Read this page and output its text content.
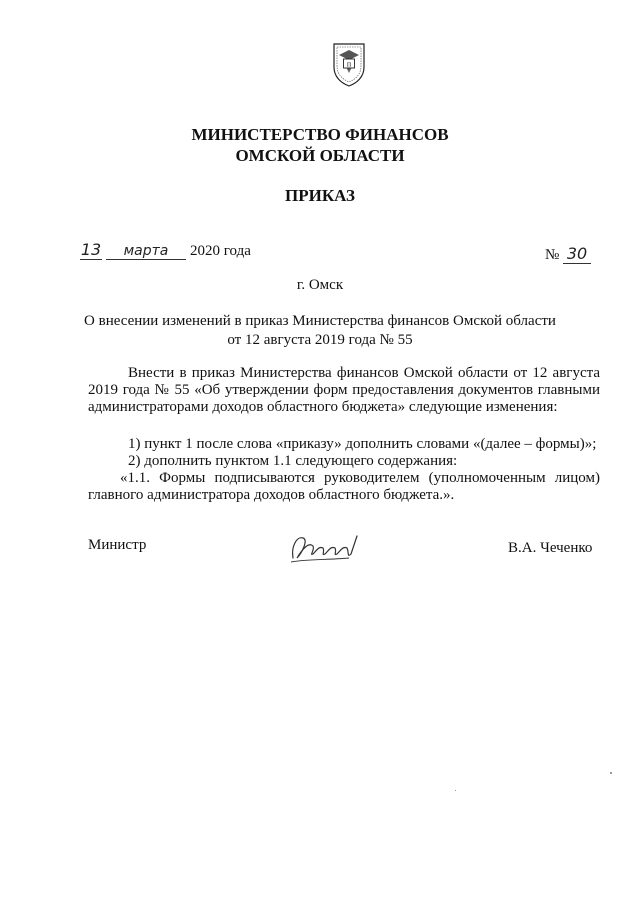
п
МИНИСТЕРСТВО ФИНАНСОВ
ОМСКОЙ ОБЛАСТИ
ПРИКАЗ
13 марта 2020 года	№ 30
г. Омск
О внесении изменений в приказ Министерства финансов Омской области
от 12 августа 2019 года № 55
Внести в приказ Министерства финансов Омской области от 12 августа 2019 года № 55 «Об утверждении форм предоставления документов главными администраторами доходов областного бюджета» следующие изменения:
1) пункт 1 после слова «приказу» дополнить словами «(далее – формы)»;
2) дополнить пунктом 1.1 следующего содержания:
«1.1. Формы подписываются руководителем (уполномоченным лицом) главного администратора доходов областного бюджета.».
Министр	В.А. Чеченко
